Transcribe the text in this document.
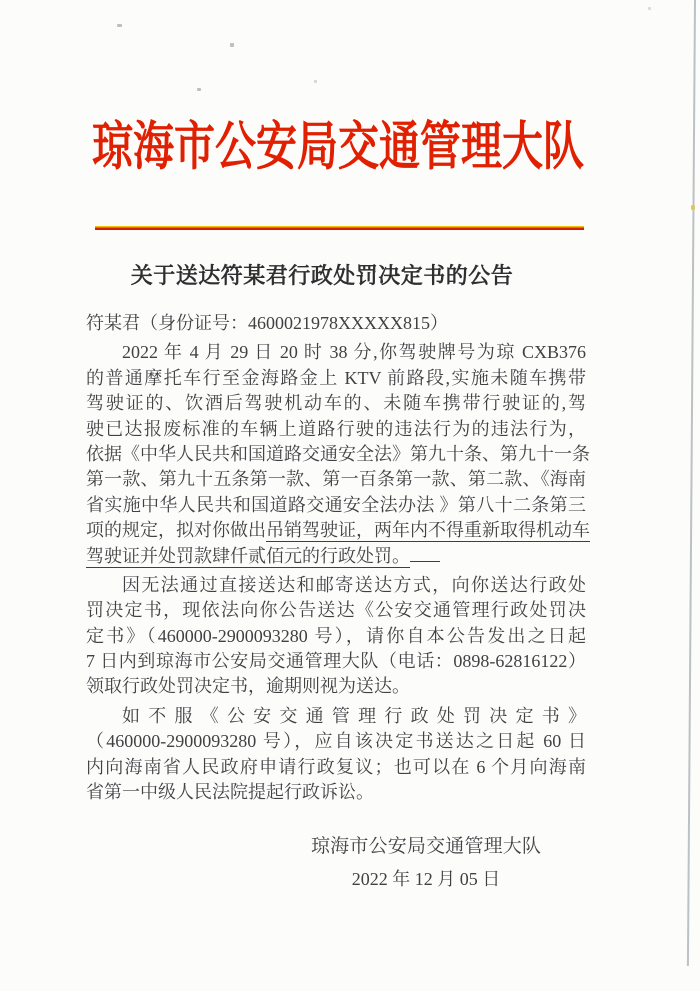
琼海市公安局交通管理大队
关于送达符某君行政处罚决定书的公告
符某君（身份证号：4600021978XXXXX815）
2022 年 4 月 29 日 20 时 38 分,你驾驶牌号为琼 CXB376
的普通摩托车行至金海路金上 KTV 前路段,实施未随车携带
驾驶证的、饮酒后驾驶机动车的、未随车携带行驶证的,驾
驶已达报废标准的车辆上道路行驶的违法行为的违法行为，
依据《中华人民共和国道路交通安全法》第九十条、第九十一条
第一款、第九十五条第一款、第一百条第一款、第二款、《海南
省实施中华人民共和国道路交通安全法办法 》第八十二条第三
项的规定，拟对你做出吊销驾驶证，两年内不得重新取得机动车
驾驶证并处罚款肆仟贰佰元的行政处罚。
因无法通过直接送达和邮寄送达方式，向你送达行政处
罚决定书，现依法向你公告送达《公安交通管理行政处罚决
定书》（460000-2900093280 号），请你自本公告发出之日起
7 日内到琼海市公安局交通管理大队（电话：0898-62816122）
领取行政处罚决定书，逾期则视为送达。
如不服《公安交通管理行政处罚决定书》
（460000-2900093280 号），应自该决定书送达之日起 60 日
内向海南省人民政府申请行政复议；也可以在 6 个月向海南
省第一中级人民法院提起行政诉讼。
琼海市公安局交通管理大队
2022 年 12 月 05 日
